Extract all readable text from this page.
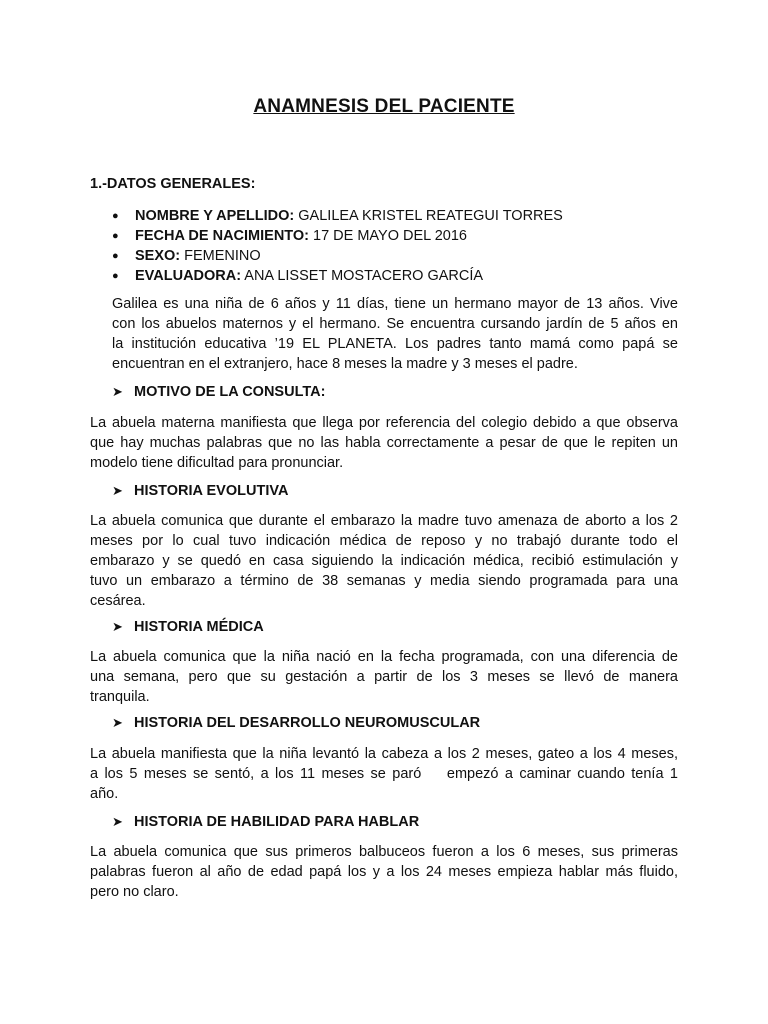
ANAMNESIS DEL PACIENTE
1.-DATOS GENERALES:
● NOMBRE Y APELLIDO: GALILEA KRISTEL REATEGUI TORRES
● FECHA DE NACIMIENTO: 17 DE MAYO DEL 2016
● SEXO: FEMENINO
● EVALUADORA: ANA LISSET MOSTACERO GARCÍA
Galilea es una niña de 6 años y 11 días, tiene un hermano mayor de 13 años. Vive
con los abuelos maternos y el hermano. Se encuentra cursando jardín de 5 años en
la institución educativa ’19 EL PLANETA. Los padres tanto mamá como papá se
encuentran en el extranjero, hace 8 meses la madre y 3 meses el padre.
➤ MOTIVO DE LA CONSULTA:
La abuela materna manifiesta que llega por referencia del colegio debido a que observa
que hay muchas palabras que no las habla correctamente a pesar de que le repiten un
modelo tiene dificultad para pronunciar.
➤ HISTORIA EVOLUTIVA
La abuela comunica que durante el embarazo la madre tuvo amenaza de aborto a los 2
meses por lo cual tuvo indicación médica de reposo y no trabajó durante todo el
embarazo y se quedó en casa siguiendo la indicación médica, recibió estimulación y
tuvo un embarazo a término de 38 semanas y media siendo programada para una
cesárea.
➤ HISTORIA MÉDICA
La abuela comunica que la niña nació en la fecha programada, con una diferencia de
una semana, pero que su gestación a partir de los 3 meses se llevó de manera
tranquila.
➤ HISTORIA DEL DESARROLLO NEUROMUSCULAR
La abuela manifiesta que la niña levantó la cabeza a los 2 meses, gateo a los 4 meses,
a los 5 meses se sentó, a los 11 meses se paró    empezó a caminar cuando tenía 1
año.
➤ HISTORIA DE HABILIDAD PARA HABLAR
La abuela comunica que sus primeros balbuceos fueron a los 6 meses, sus primeras
palabras fueron al año de edad papá los y a los 24 meses empieza hablar más fluido,
pero no claro.
